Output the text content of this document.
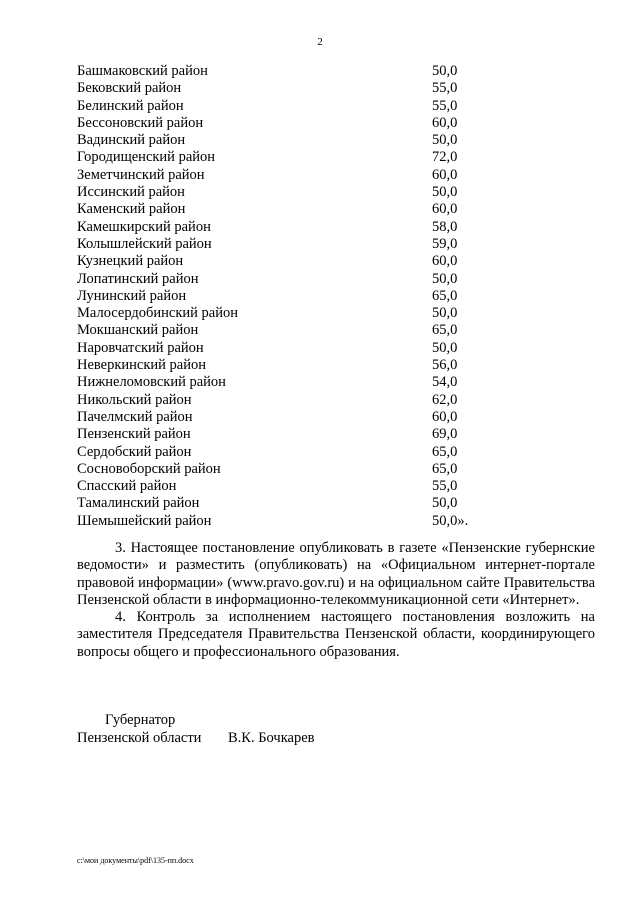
2
Башмаковский район	50,0
Бековский район	55,0
Белинский район	55,0
Бессоновский район	60,0
Вадинский район	50,0
Городищенский район	72,0
Земетчинский район	60,0
Иссинский район	50,0
Каменский район	60,0
Камешкирский район	58,0
Колышлейский район	59,0
Кузнецкий район	60,0
Лопатинский район	50,0
Лунинский район	65,0
Малосердобинский район	50,0
Мокшанский район	65,0
Наровчатский район	50,0
Неверкинский район	56,0
Нижнеломовский район	54,0
Никольский район	62,0
Пачелмский район	60,0
Пензенский район	69,0
Сердобский район	65,0
Сосновоборский район	65,0
Спасский район	55,0
Тамалинский район	50,0
Шемышейский район	50,0».

3. Настоящее постановление опубликовать в газете «Пензенские губернские ведомости» и разместить (опубликовать) на «Официальном интернет-портале правовой информации» (www.pravo.gov.ru) и на официальном сайте Правительства Пензенской области в информационно-телекоммуникационной сети «Интернет».

4. Контроль за исполнением настоящего постановления возложить на заместителя Председателя Правительства Пензенской области, координирующего вопросы общего и профессионального образования.

Губернатор
Пензенской области В.К. Бочкарев
c:\мои документы\pdf\135-пп.docx
